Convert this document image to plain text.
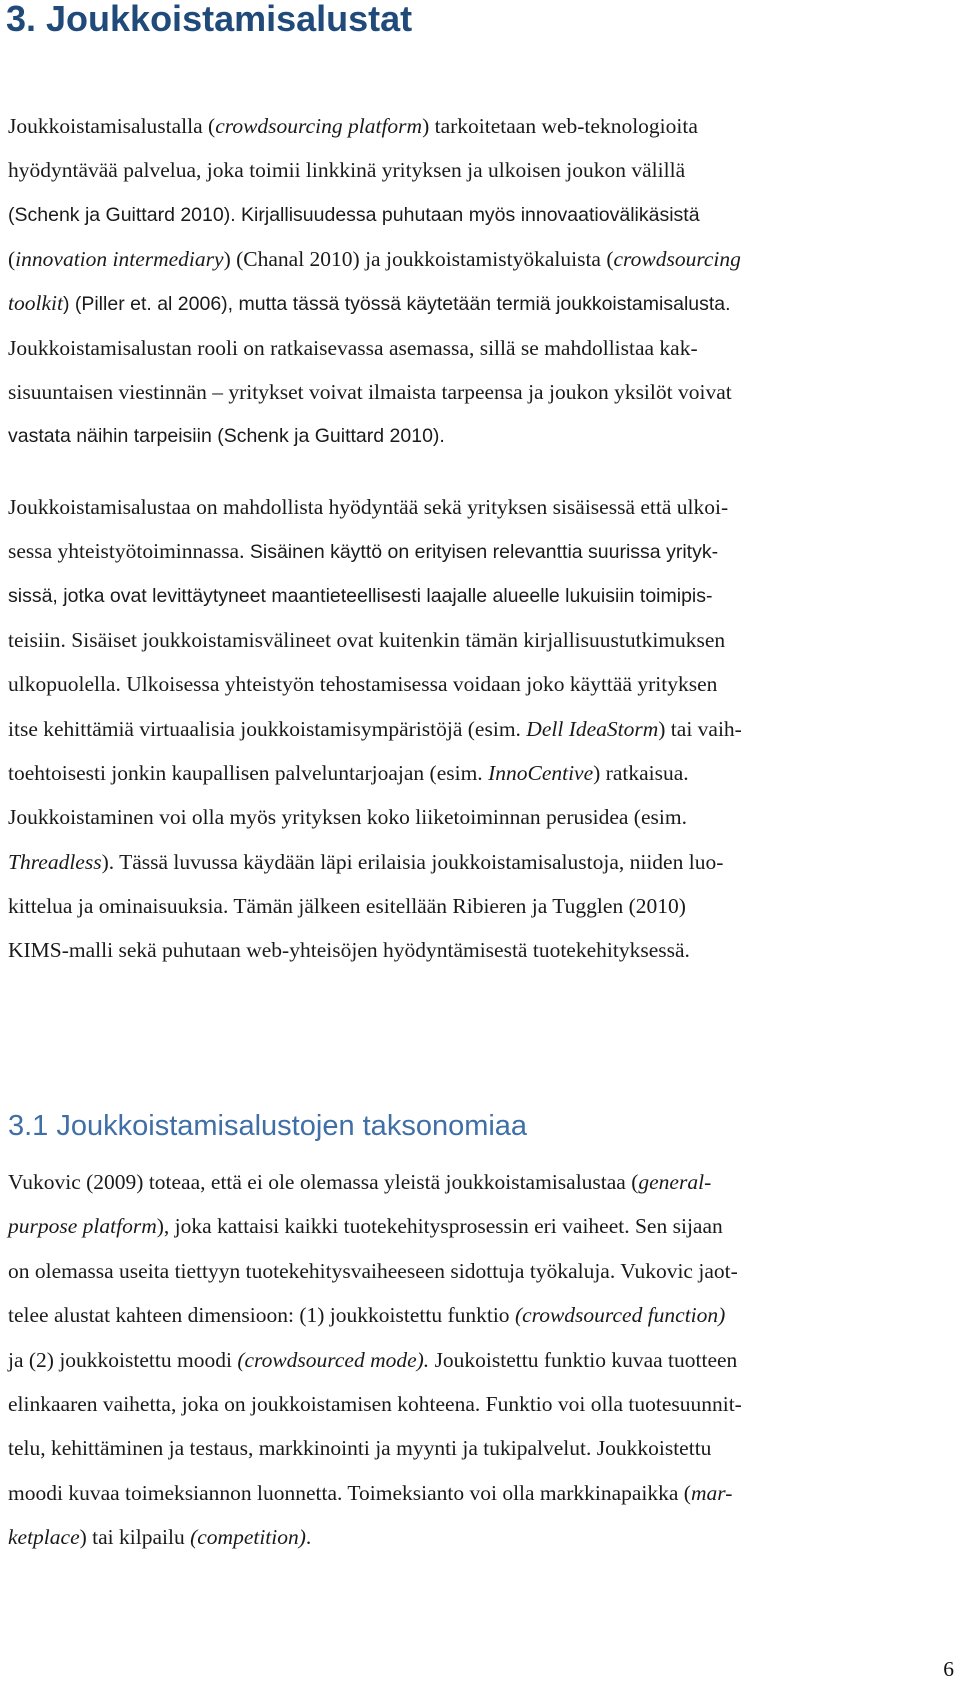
3. Joukkoistamisalustat

Joukkoistamisalustalla (crowdsourcing platform) tarkoitetaan web-teknologioita

hyödyntävää palvelua, joka toimii linkkinä yrityksen ja ulkoisen joukon välillä

(Schenk ja Guittard 2010). Kirjallisuudessa puhutaan myös innovaatiovälikäsistä

(innovation intermediary) (Chanal 2010) ja joukkoistamistyökaluista (crowdsourcing

toolkit) (Piller et. al 2006), mutta tässä työssä käytetään termiä joukkoistamisalusta.

Joukkoistamisalustan rooli on ratkaisevassa asemassa, sillä se mahdollistaa kak-

sisuuntaisen viestinnän – yritykset voivat ilmaista tarpeensa ja joukon yksilöt voivat

vastata näihin tarpeisiin (Schenk ja Guittard 2010).

Joukkoistamisalustaa on mahdollista hyödyntää sekä yrityksen sisäisessä että ulkoi-

sessa yhteistyötoiminnassa. Sisäinen käyttö on erityisen relevanttia suurissa yrityk-

sissä, jotka ovat levittäytyneet maantieteellisesti laajalle alueelle lukuisiin toimipis-

teisiin. Sisäiset joukkoistamisvälineet ovat kuitenkin tämän kirjallisuustutkimuksen

ulkopuolella. Ulkoisessa yhteistyön tehostamisessa voidaan joko käyttää yrityksen

itse kehittämiä virtuaalisia joukkoistamisympäristöjä (esim. Dell IdeaStorm) tai vaih-

toehtoisesti jonkin kaupallisen palveluntarjoajan (esim. InnoCentive) ratkaisua.

Joukkoistaminen voi olla myös yrityksen koko liiketoiminnan perusidea (esim.

Threadless). Tässä luvussa käydään läpi erilaisia joukkoistamisalustoja, niiden luo-

kittelua ja ominaisuuksia. Tämän jälkeen esitellään Ribieren ja Tugglen (2010)

KIMS-malli sekä puhutaan web-yhteisöjen hyödyntämisestä tuotekehityksessä.

3.1 Joukkoistamisalustojen taksonomiaa

Vukovic (2009) toteaa, että ei ole olemassa yleistä joukkoistamisalustaa (general-

purpose platform), joka kattaisi kaikki tuotekehitysprosessin eri vaiheet. Sen sijaan

on olemassa useita tiettyyn tuotekehitysvaiheeseen sidottuja työkaluja. Vukovic jaot-

telee alustat kahteen dimensioon: (1) joukkoistettu funktio (crowdsourced function)

ja (2) joukkoistettu moodi (crowdsourced mode). Joukoistettu funktio kuvaa tuotteen

elinkaaren vaihetta, joka on joukkoistamisen kohteena. Funktio voi olla tuotesuunnit-

telu, kehittäminen ja testaus, markkinointi ja myynti ja tukipalvelut. Joukkoistettu

moodi kuvaa toimeksiannon luonnetta. Toimeksianto voi olla markkinapaikka (mar-

ketplace) tai kilpailu (competition).

6
